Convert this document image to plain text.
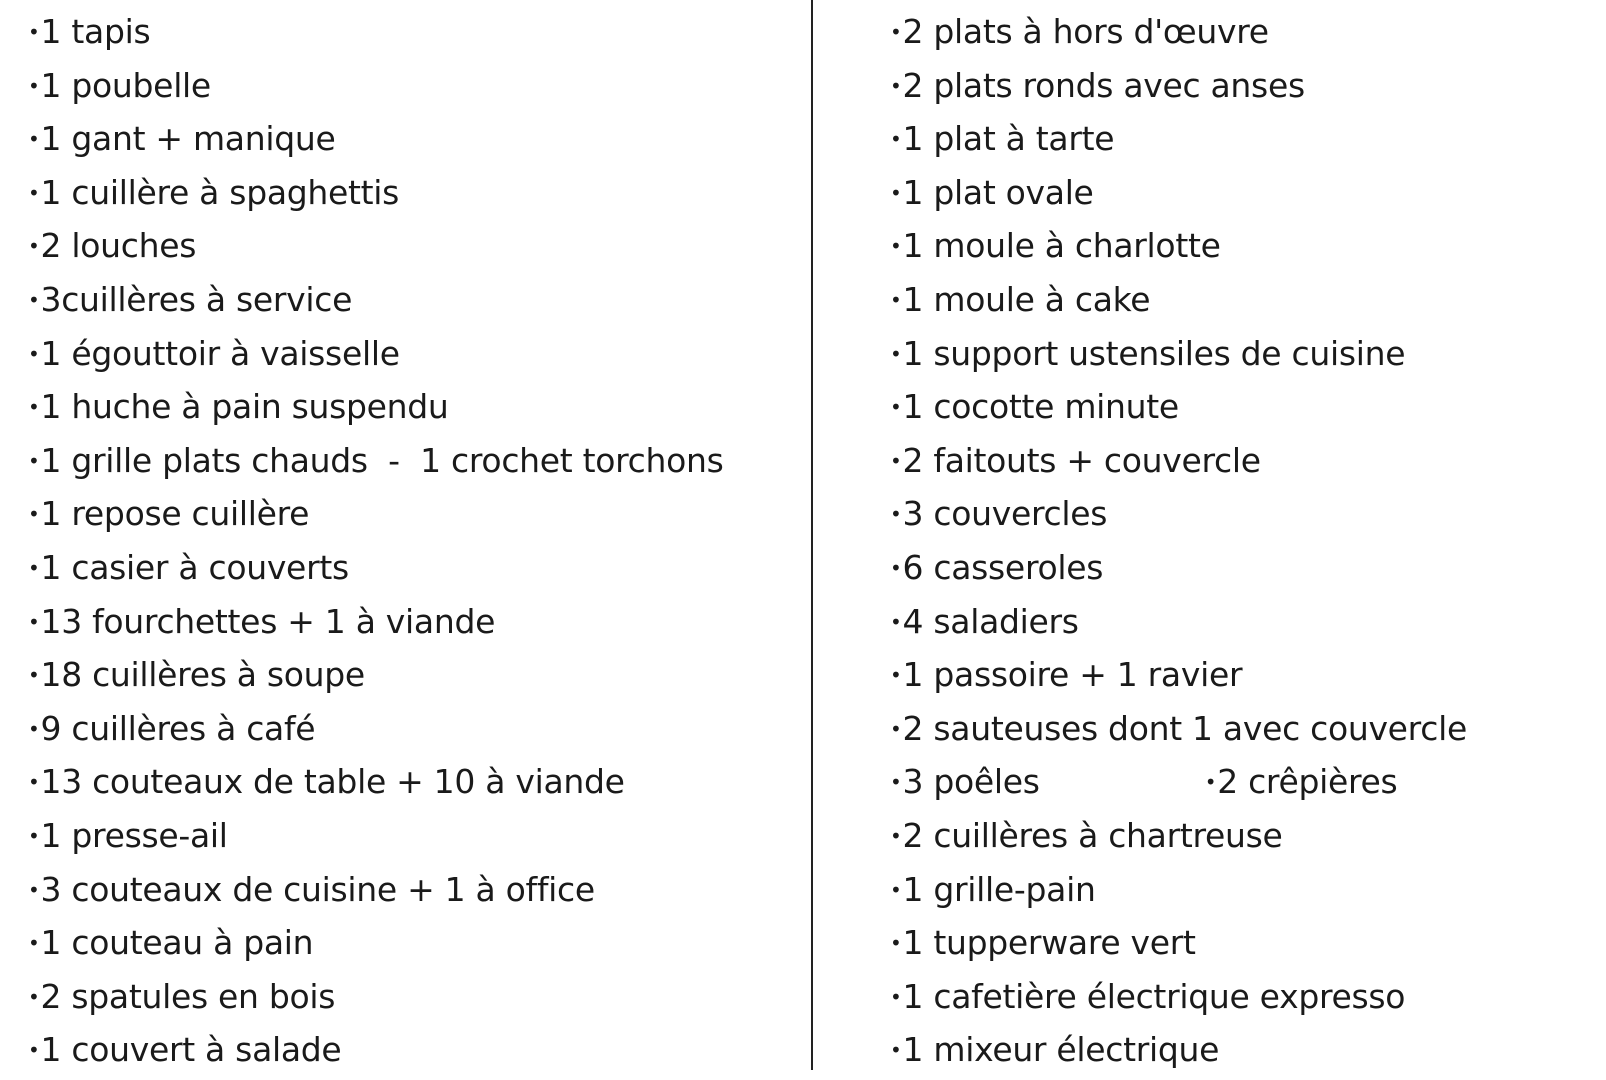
•1 tapis
•1 poubelle
•1 gant + manique
•1 cuillère à spaghettis
•2 louches
•3cuillères à service
•1 égouttoir à vaisselle
•1 huche à pain suspendu
•1 grille plats chauds  -  1 crochet torchons
•1 repose cuillère
•1 casier à couverts
•13 fourchettes + 1 à viande
•18 cuillères à soupe
•9 cuillères à café
•13 couteaux de table + 10 à viande
•1 presse-ail
•3 couteaux de cuisine + 1 à office
•1 couteau à pain
•2 spatules en bois
•1 couvert à salade
•2 plats à hors d'œuvre
•2 plats ronds avec anses
•1 plat à tarte
•1 plat ovale
•1 moule à charlotte
•1 moule à cake
•1 support ustensiles de cuisine
•1 cocotte minute
•2 faitouts + couvercle
•3 couvercles
•6 casseroles
•4 saladiers
•1 passoire + 1 ravier
•2 sauteuses dont 1 avec couvercle
•3 poêles	•2 crêpières
•2 cuillères à chartreuse
•1 grille-pain
•1 tupperware vert
•1 cafetière électrique expresso
•1 mixeur électrique
